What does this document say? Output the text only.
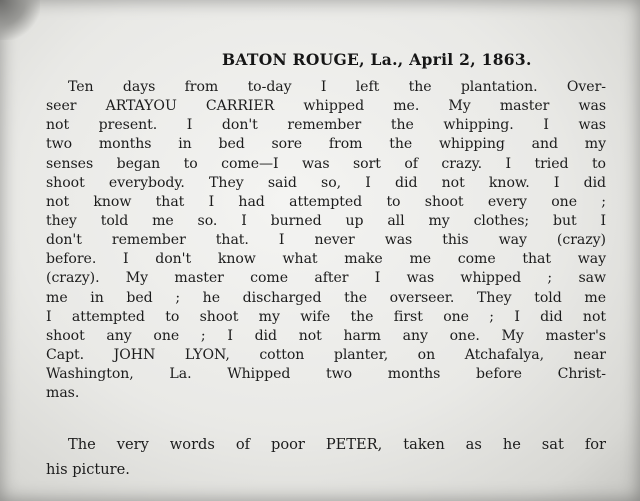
BATON ROUGE, La., April 2, 1863.
Ten days from to-day I left the plantation. Over-
seer ARTAYOU CARRIER whipped me. My master was
not present. I don't remember the whipping. I was
two months in bed sore from the whipping and my
senses began to come—I was sort of crazy. I tried to
shoot everybody. They said so, I did not know. I did
not know that I had attempted to shoot every one ;
they told me so. I burned up all my clothes; but I
don't remember that. I never was this way (crazy)
before. I don't know what make me come that way
(crazy). My master come after I was whipped ; saw
me in bed ; he discharged the overseer. They told me
I attempted to shoot my wife the first one ; I did not
shoot any one ; I did not harm any one. My master's
Capt. JOHN LYON, cotton planter, on Atchafalya, near
Washington, La. Whipped two months before Christ-
mas.
The very words of poor PETER, taken as he sat for
his picture.
